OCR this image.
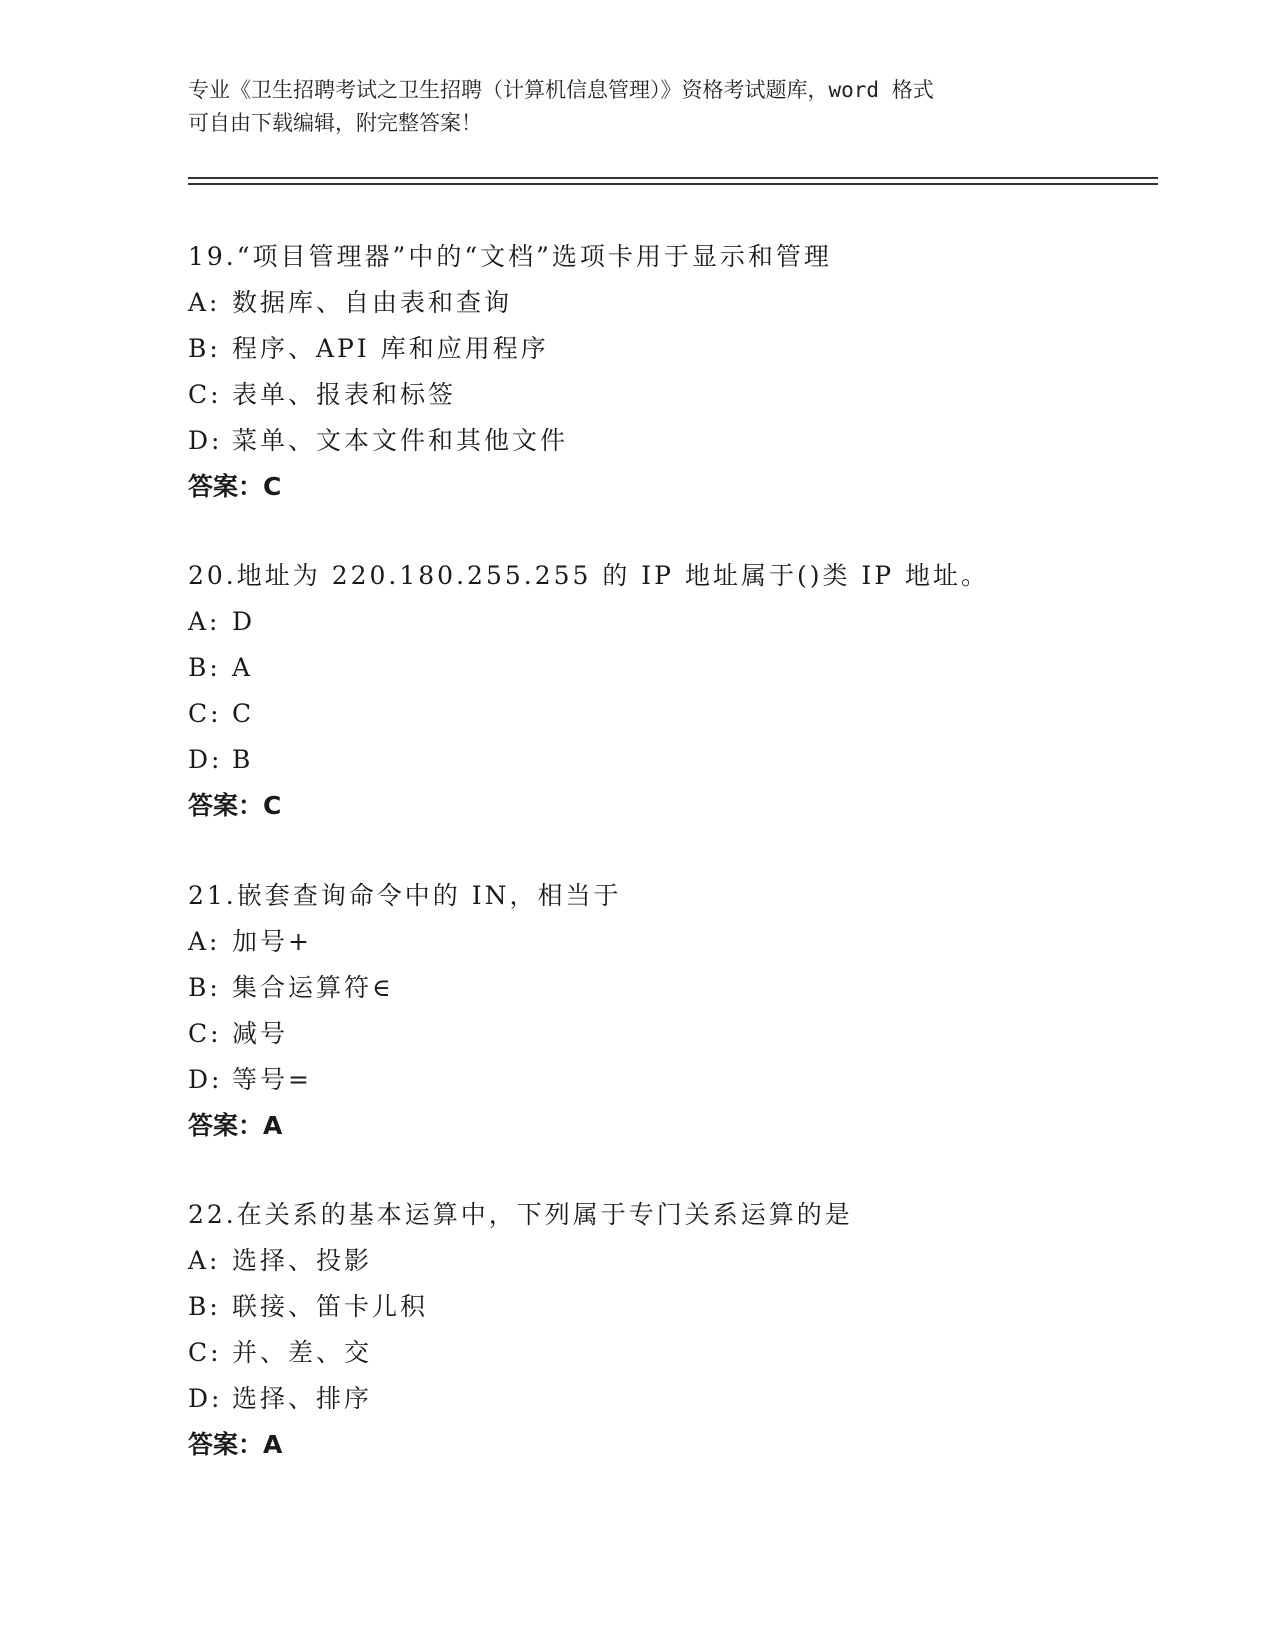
专业《卫生招聘考试之卫生招聘（计算机信息管理）》资格考试题库，word 格式
可自由下载编辑，附完整答案！
19.“项目管理器”中的“文档”选项卡用于显示和管理
A: 数据库、自由表和查询
B: 程序、API 库和应用程序
C: 表单、报表和标签
D: 菜单、文本文件和其他文件
答案：C
20.地址为 220.180.255.255 的 IP 地址属于()类 IP 地址。
A: D
B: A
C: C
D: B
答案：C
21.嵌套查询命令中的 IN，相当于
A: 加号+
B: 集合运算符∈
C: 减号
D: 等号=
答案：A
22.在关系的基本运算中，下列属于专门关系运算的是
A: 选择、投影
B: 联接、笛卡儿积
C: 并、差、交
D: 选择、排序
答案：A
